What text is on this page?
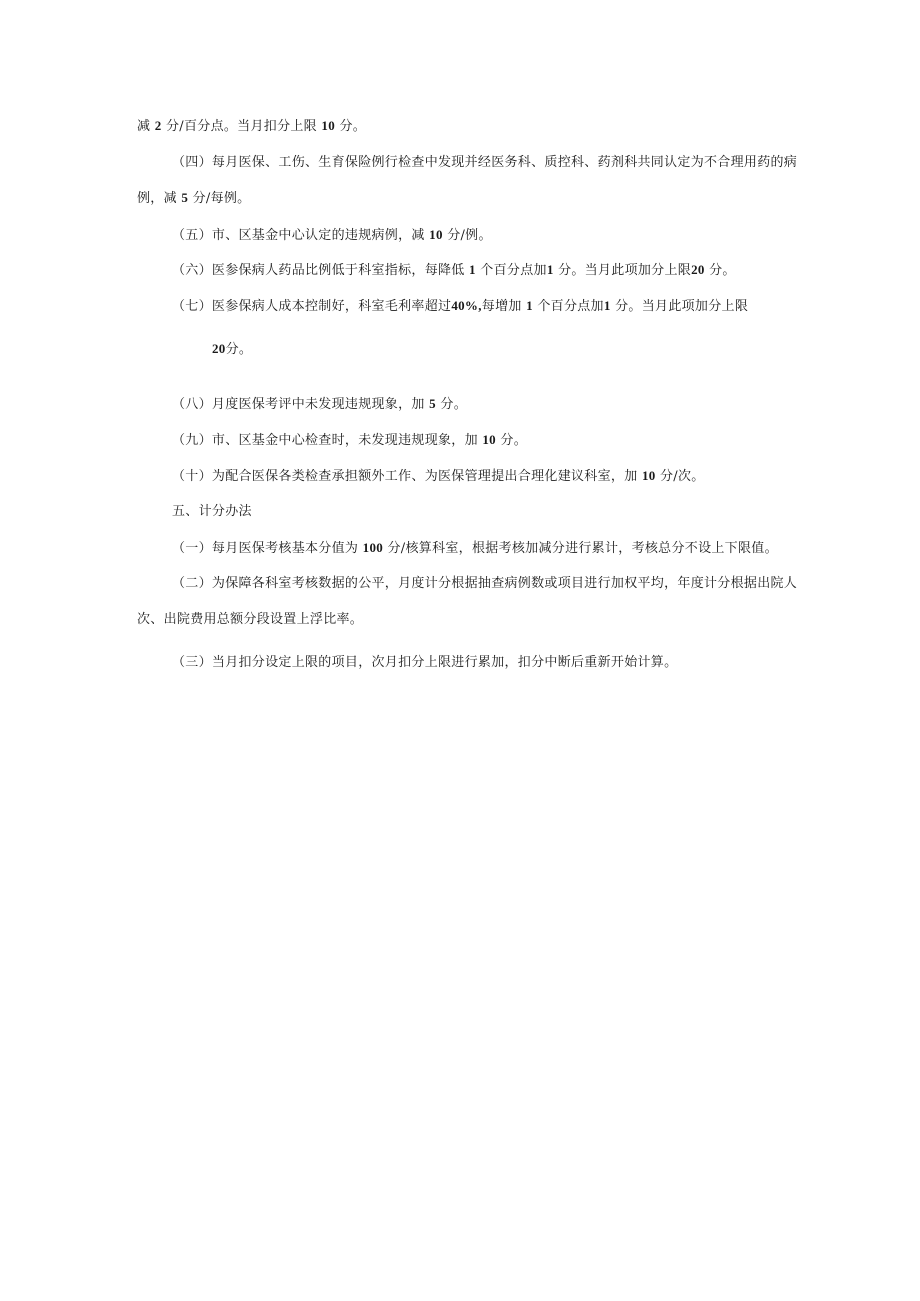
减 2 分/百分点。当月扣分上限 10 分。
（四）每月医保、工伤、生育保险例行检查中发现并经医务科、质控科、药剂科共同认定为不合理用药的病
例，减 5 分/每例。
（五）市、区基金中心认定的违规病例，减 10 分/例。
（六）医参保病人药品比例低于科室指标，每降低 1 个百分点加1 分。当月此项加分上限20 分。
（七）医参保病人成本控制好，科室毛利率超过40%,每增加 1 个百分点加1 分。当月此项加分上限
20分。
（八）月度医保考评中未发现违规现象，加 5 分。
（九）市、区基金中心检查时，未发现违规现象，加 10 分。
（十）为配合医保各类检查承担额外工作、为医保管理提出合理化建议科室，加 10 分/次。
五、计分办法
（一）每月医保考核基本分值为 100 分/核算科室，根据考核加减分进行累计，考核总分不设上下限值。
（二）为保障各科室考核数据的公平，月度计分根据抽查病例数或项目进行加权平均，年度计分根据出院人
次、出院费用总额分段设置上浮比率。
（三）当月扣分设定上限的项目，次月扣分上限进行累加，扣分中断后重新开始计算。
